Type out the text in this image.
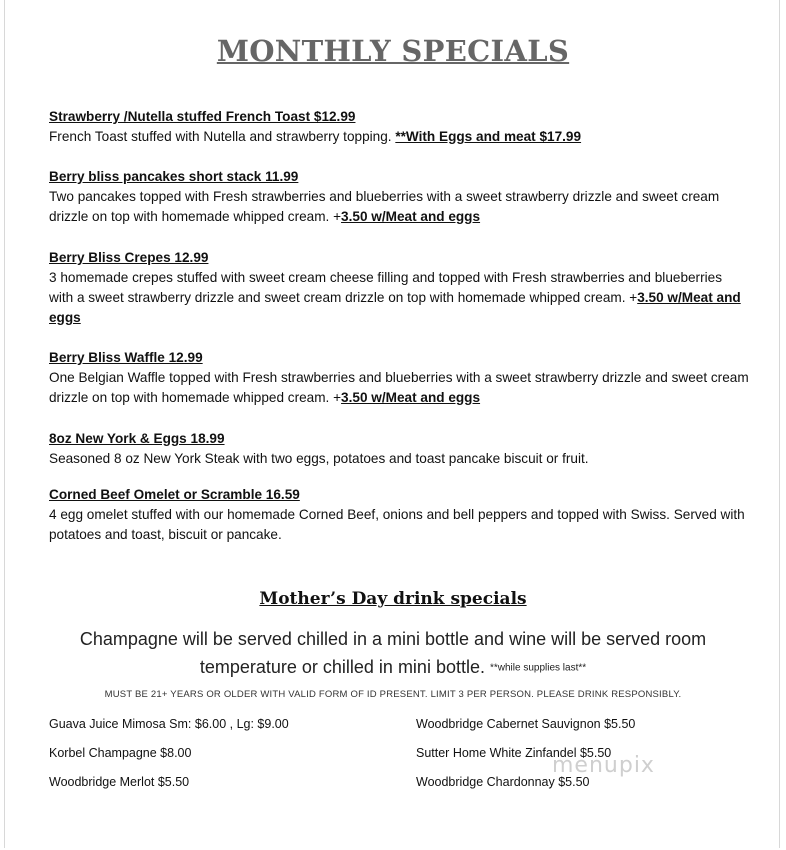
MONTHLY SPECIALS
Strawberry /Nutella stuffed French Toast $12.99
French Toast stuffed with Nutella and strawberry topping. **With Eggs and meat $17.99
Berry bliss pancakes short stack 11.99
Two pancakes topped with Fresh strawberries and blueberries with a sweet strawberry drizzle and sweet cream drizzle on top with homemade whipped cream. +3.50 w/Meat and eggs
Berry Bliss Crepes 12.99
3 homemade crepes stuffed with sweet cream cheese filling and topped with Fresh strawberries and blueberries with a sweet strawberry drizzle and sweet cream drizzle on top with homemade whipped cream. +3.50 w/Meat and eggs
Berry Bliss Waffle 12.99
One Belgian Waffle topped with Fresh strawberries and blueberries with a sweet strawberry drizzle and sweet cream drizzle on top with homemade whipped cream. +3.50 w/Meat and eggs
8oz New York & Eggs 18.99
Seasoned 8 oz New York Steak with two eggs, potatoes and toast pancake biscuit or fruit.
Corned Beef Omelet or Scramble 16.59
4 egg omelet stuffed with our homemade Corned Beef, onions and bell peppers and topped with Swiss. Served with potatoes and toast, biscuit or pancake.
Mother’s Day drink specials
Champagne will be served chilled in a mini bottle and wine will be served room temperature or chilled in mini bottle. **while supplies last**
MUST BE 21+ YEARS OR OLDER WITH VALID FORM OF ID PRESENT. LIMIT 3 PER PERSON. PLEASE DRINK RESPONSIBLY.
Guava Juice Mimosa Sm: $6.00 , Lg: $9.00
Korbel Champagne $8.00
Woodbridge Merlot $5.50
Woodbridge Cabernet Sauvignon $5.50
Sutter Home White Zinfandel $5.50
Woodbridge Chardonnay $5.50
menupix
